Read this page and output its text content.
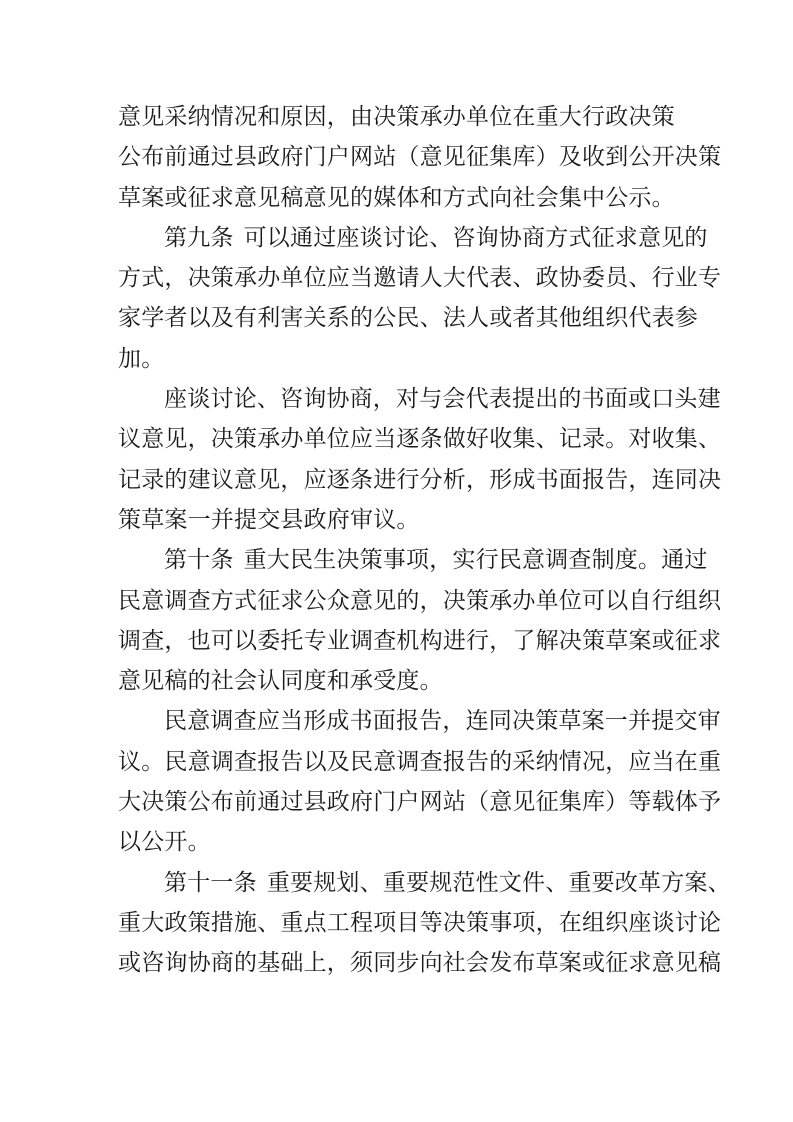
意见采纳情况和原因，由决策承办单位在重大行政决策
公布前通过县政府门户网站（意见征集库）及收到公开决策
草案或征求意见稿意见的媒体和方式向社会集中公示。

第九条 可以通过座谈讨论、咨询协商方式征求意见的
方式，决策承办单位应当邀请人大代表、政协委员、行业专
家学者以及有利害关系的公民、法人或者其他组织代表参
加。

座谈讨论、咨询协商，对与会代表提出的书面或口头建
议意见，决策承办单位应当逐条做好收集、记录。对收集、
记录的建议意见，应逐条进行分析，形成书面报告，连同决
策草案一并提交县政府审议。

第十条 重大民生决策事项，实行民意调查制度。通过
民意调查方式征求公众意见的，决策承办单位可以自行组织
调查，也可以委托专业调查机构进行，了解决策草案或征求
意见稿的社会认同度和承受度。

民意调查应当形成书面报告，连同决策草案一并提交审
议。民意调查报告以及民意调查报告的采纳情况，应当在重
大决策公布前通过县政府门户网站（意见征集库）等载体予
以公开。

第十一条 重要规划、重要规范性文件、重要改革方案、
重大政策措施、重点工程项目等决策事项，在组织座谈讨论
或咨询协商的基础上，须同步向社会发布草案或征求意见稿
